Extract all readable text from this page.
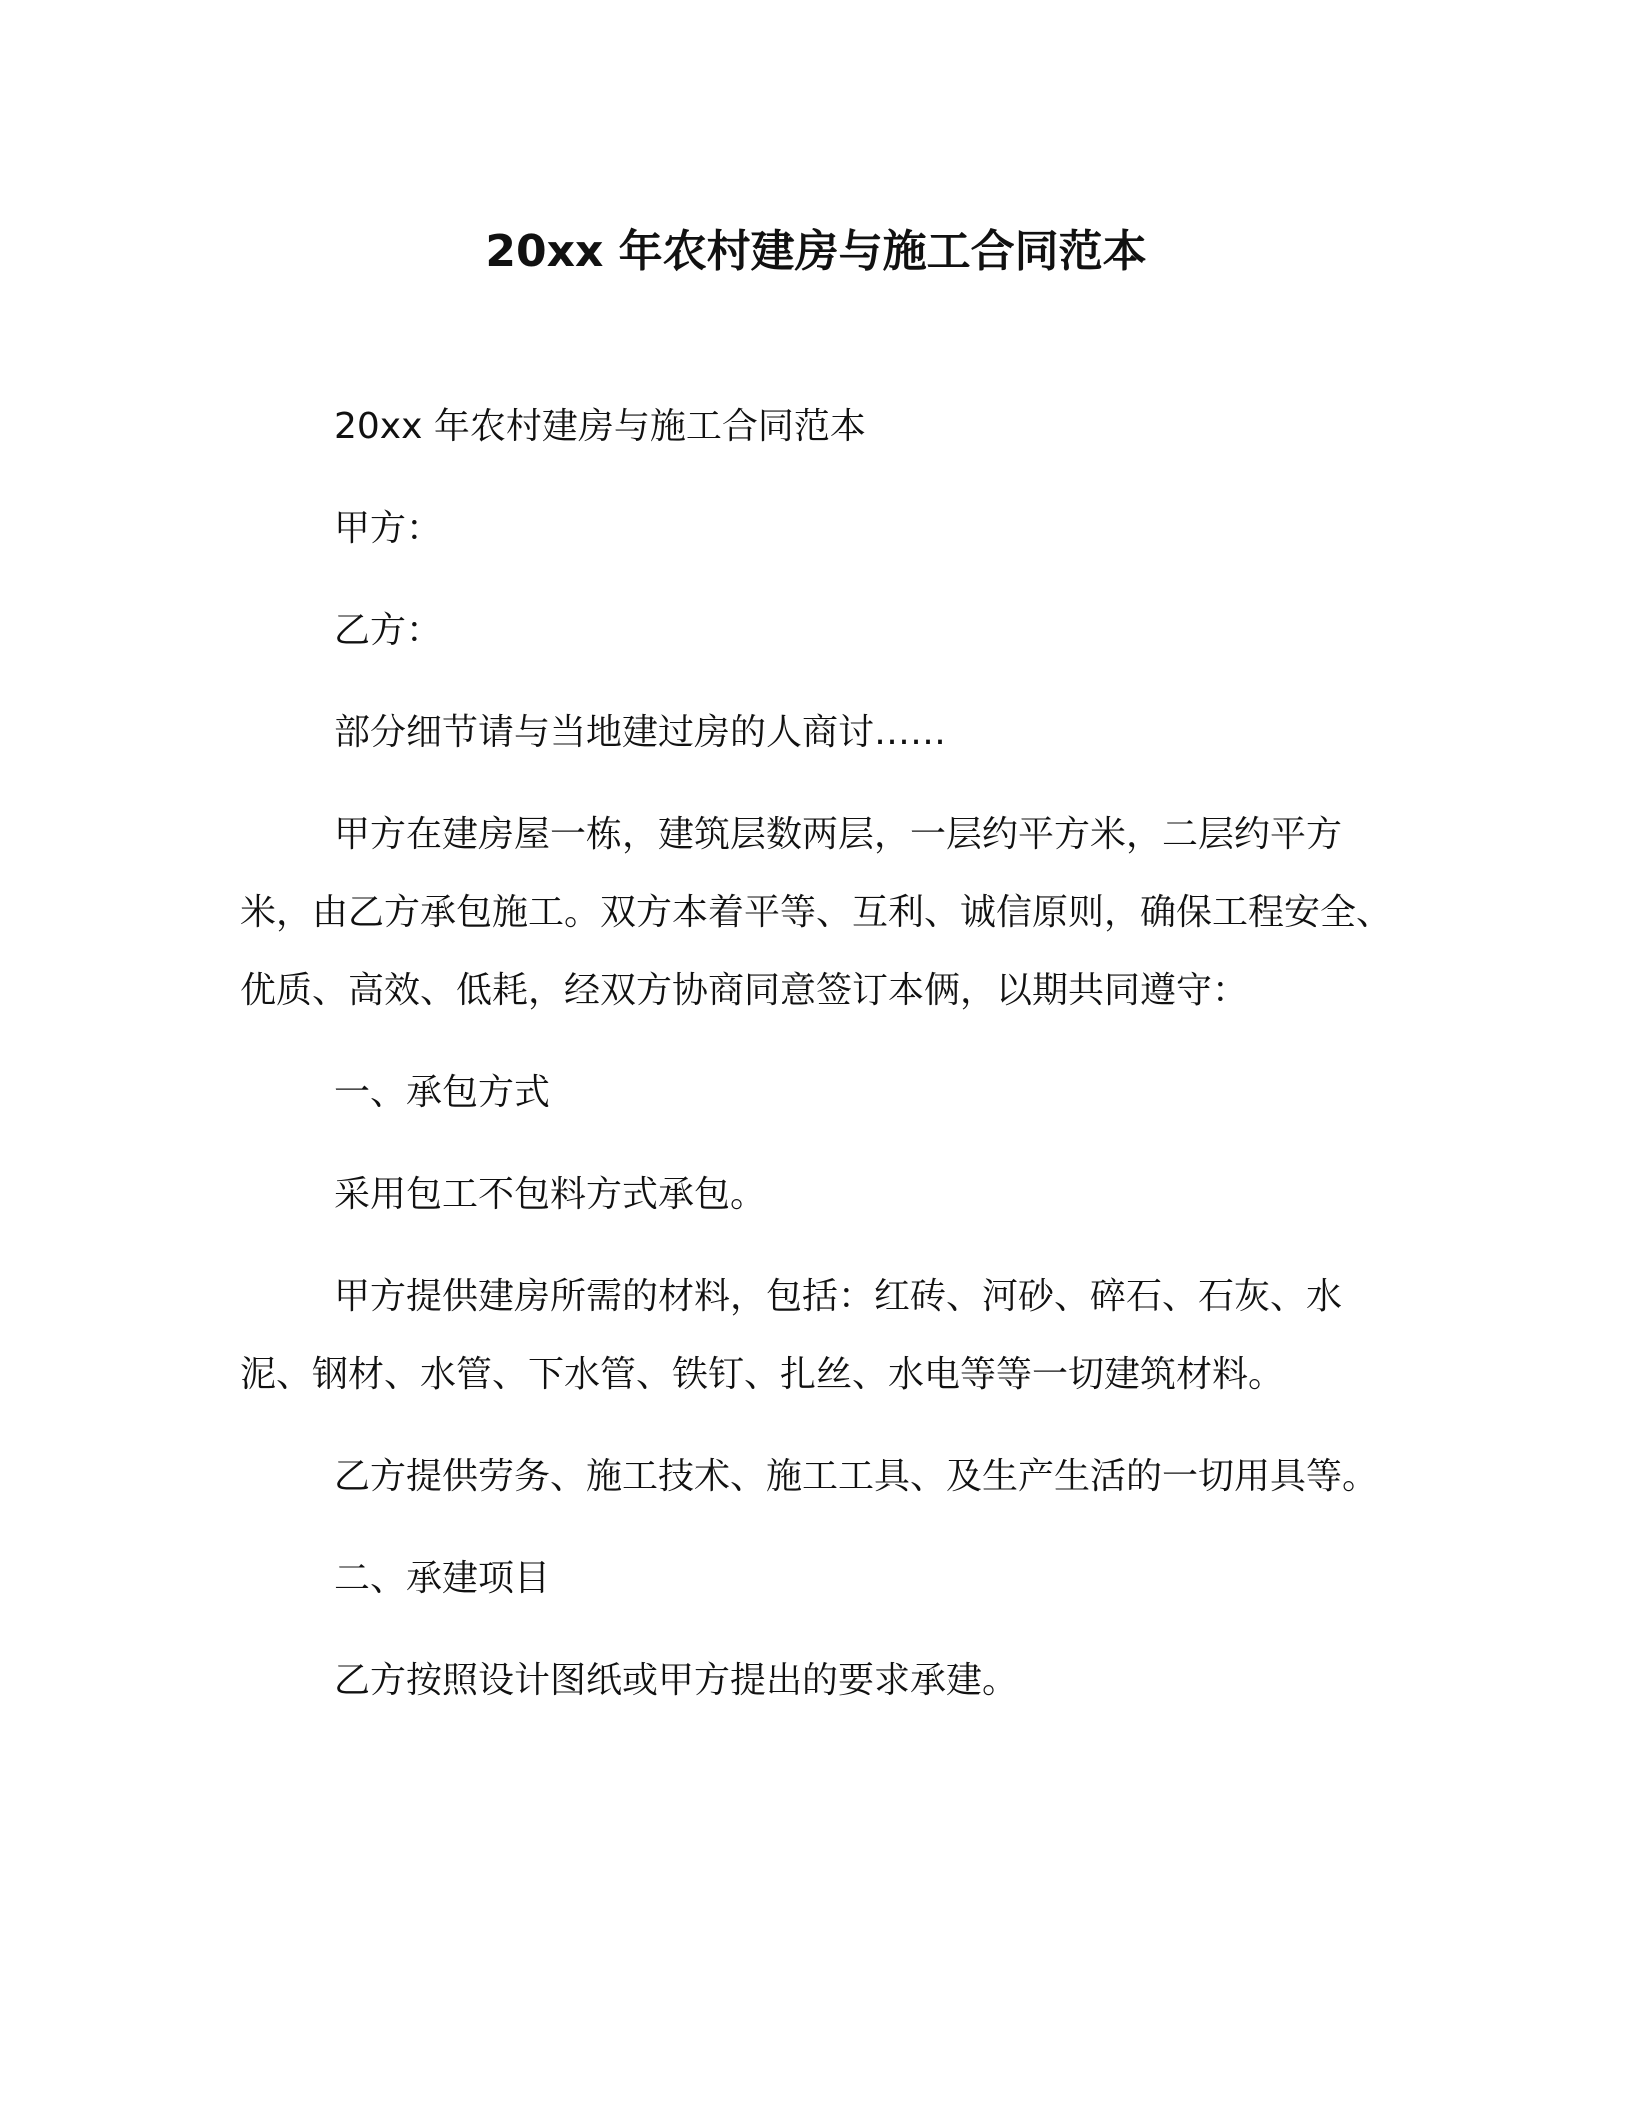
20xx 年农村建房与施工合同范本

20xx 年农村建房与施工合同范本

甲方：

乙方：

部分细节请与当地建过房的人商讨……

甲方在建房屋一栋，建筑层数两层，一层约平方米，二层约平方米，由乙方承包施工。双方本着平等、互利、诚信原则，确保工程安全、优质、高效、低耗，经双方协商同意签订本俩，以期共同遵守：

一、承包方式

采用包工不包料方式承包。

甲方提供建房所需的材料，包括：红砖、河砂、碎石、石灰、水泥、钢材、水管、下水管、铁钉、扎丝、水电等等一切建筑材料。

乙方提供劳务、施工技术、施工工具、及生产生活的一切用具等。

二、承建项目

乙方按照设计图纸或甲方提出的要求承建。
